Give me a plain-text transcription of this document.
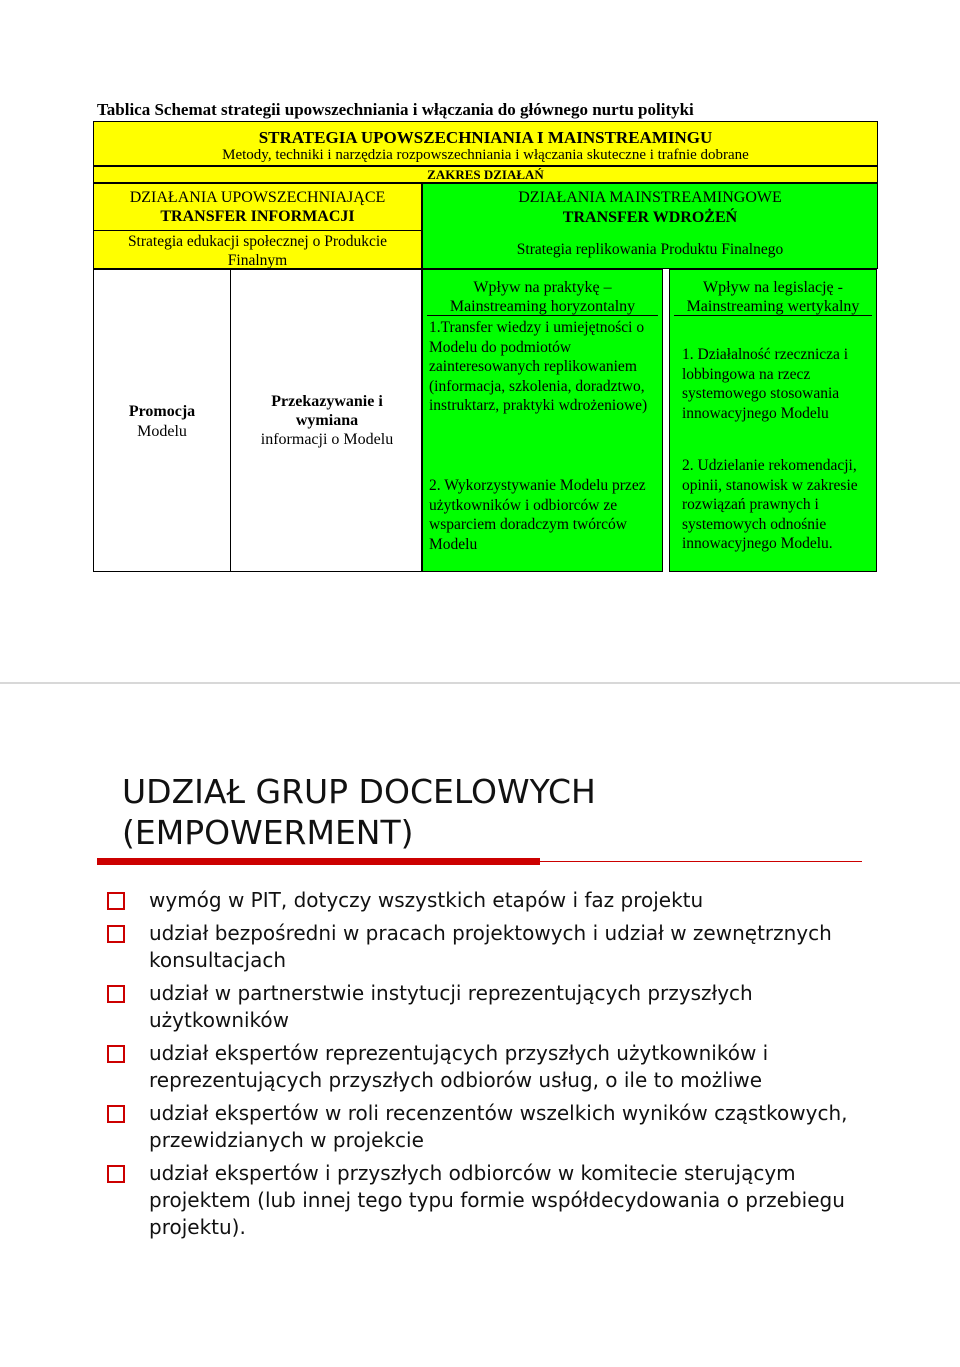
Tablica Schemat strategii upowszechniania i włączania do głównego nurtu polityki
STRATEGIA UPOWSZECHNIANIA I MAINSTREAMINGU
Metody, techniki i narzędzia rozpowszechniania i włączania skuteczne i trafnie dobrane
ZAKRES DZIAŁAŃ
DZIAŁANIA UPOWSZECHNIAJĄCE
TRANSFER INFORMACJI
Strategia edukacji społecznej o Produkcie
Finalnym
DZIAŁANIA MAINSTREAMINGOWE
TRANSFER WDROŻEŃ
Strategia replikowania Produktu Finalnego
Promocja
Modelu
Przekazywanie i
wymiana
informacji o Modelu
Wpływ na praktykę –
Mainstreaming horyzontalny
1.Transfer wiedzy i umiejętności o Modelu do podmiotów zainteresowanych replikowaniem (informacja, szkolenia, doradztwo, instruktarz, praktyki wdrożeniowe)
2. Wykorzystywanie Modelu przez użytkowników i odbiorców ze wsparciem doradczym twórców Modelu
Wpływ na legislację -
Mainstreaming wertykalny
1. Działalność rzecznicza i lobbingowa na rzecz systemowego stosowania innowacyjnego Modelu
2. Udzielanie rekomendacji, opinii, stanowisk w zakresie rozwiązań prawnych i systemowych odnośnie innowacyjnego Modelu.
UDZIAŁ GRUP DOCELOWYCH
(EMPOWERMENT)
wymóg w PIT, dotyczy wszystkich etapów i faz projektu
udział bezpośredni w pracach projektowych i udział w zewnętrznych konsultacjach
udział w partnerstwie instytucji reprezentujących przyszłych użytkowników
udział ekspertów reprezentujących przyszłych użytkowników i reprezentujących przyszłych odbiorów usług, o ile to możliwe
udział ekspertów w roli recenzentów wszelkich wyników cząstkowych, przewidzianych w projekcie
udział ekspertów i przyszłych odbiorców w komitecie sterującym projektem (lub innej tego typu formie współdecydowania o przebiegu projektu).
